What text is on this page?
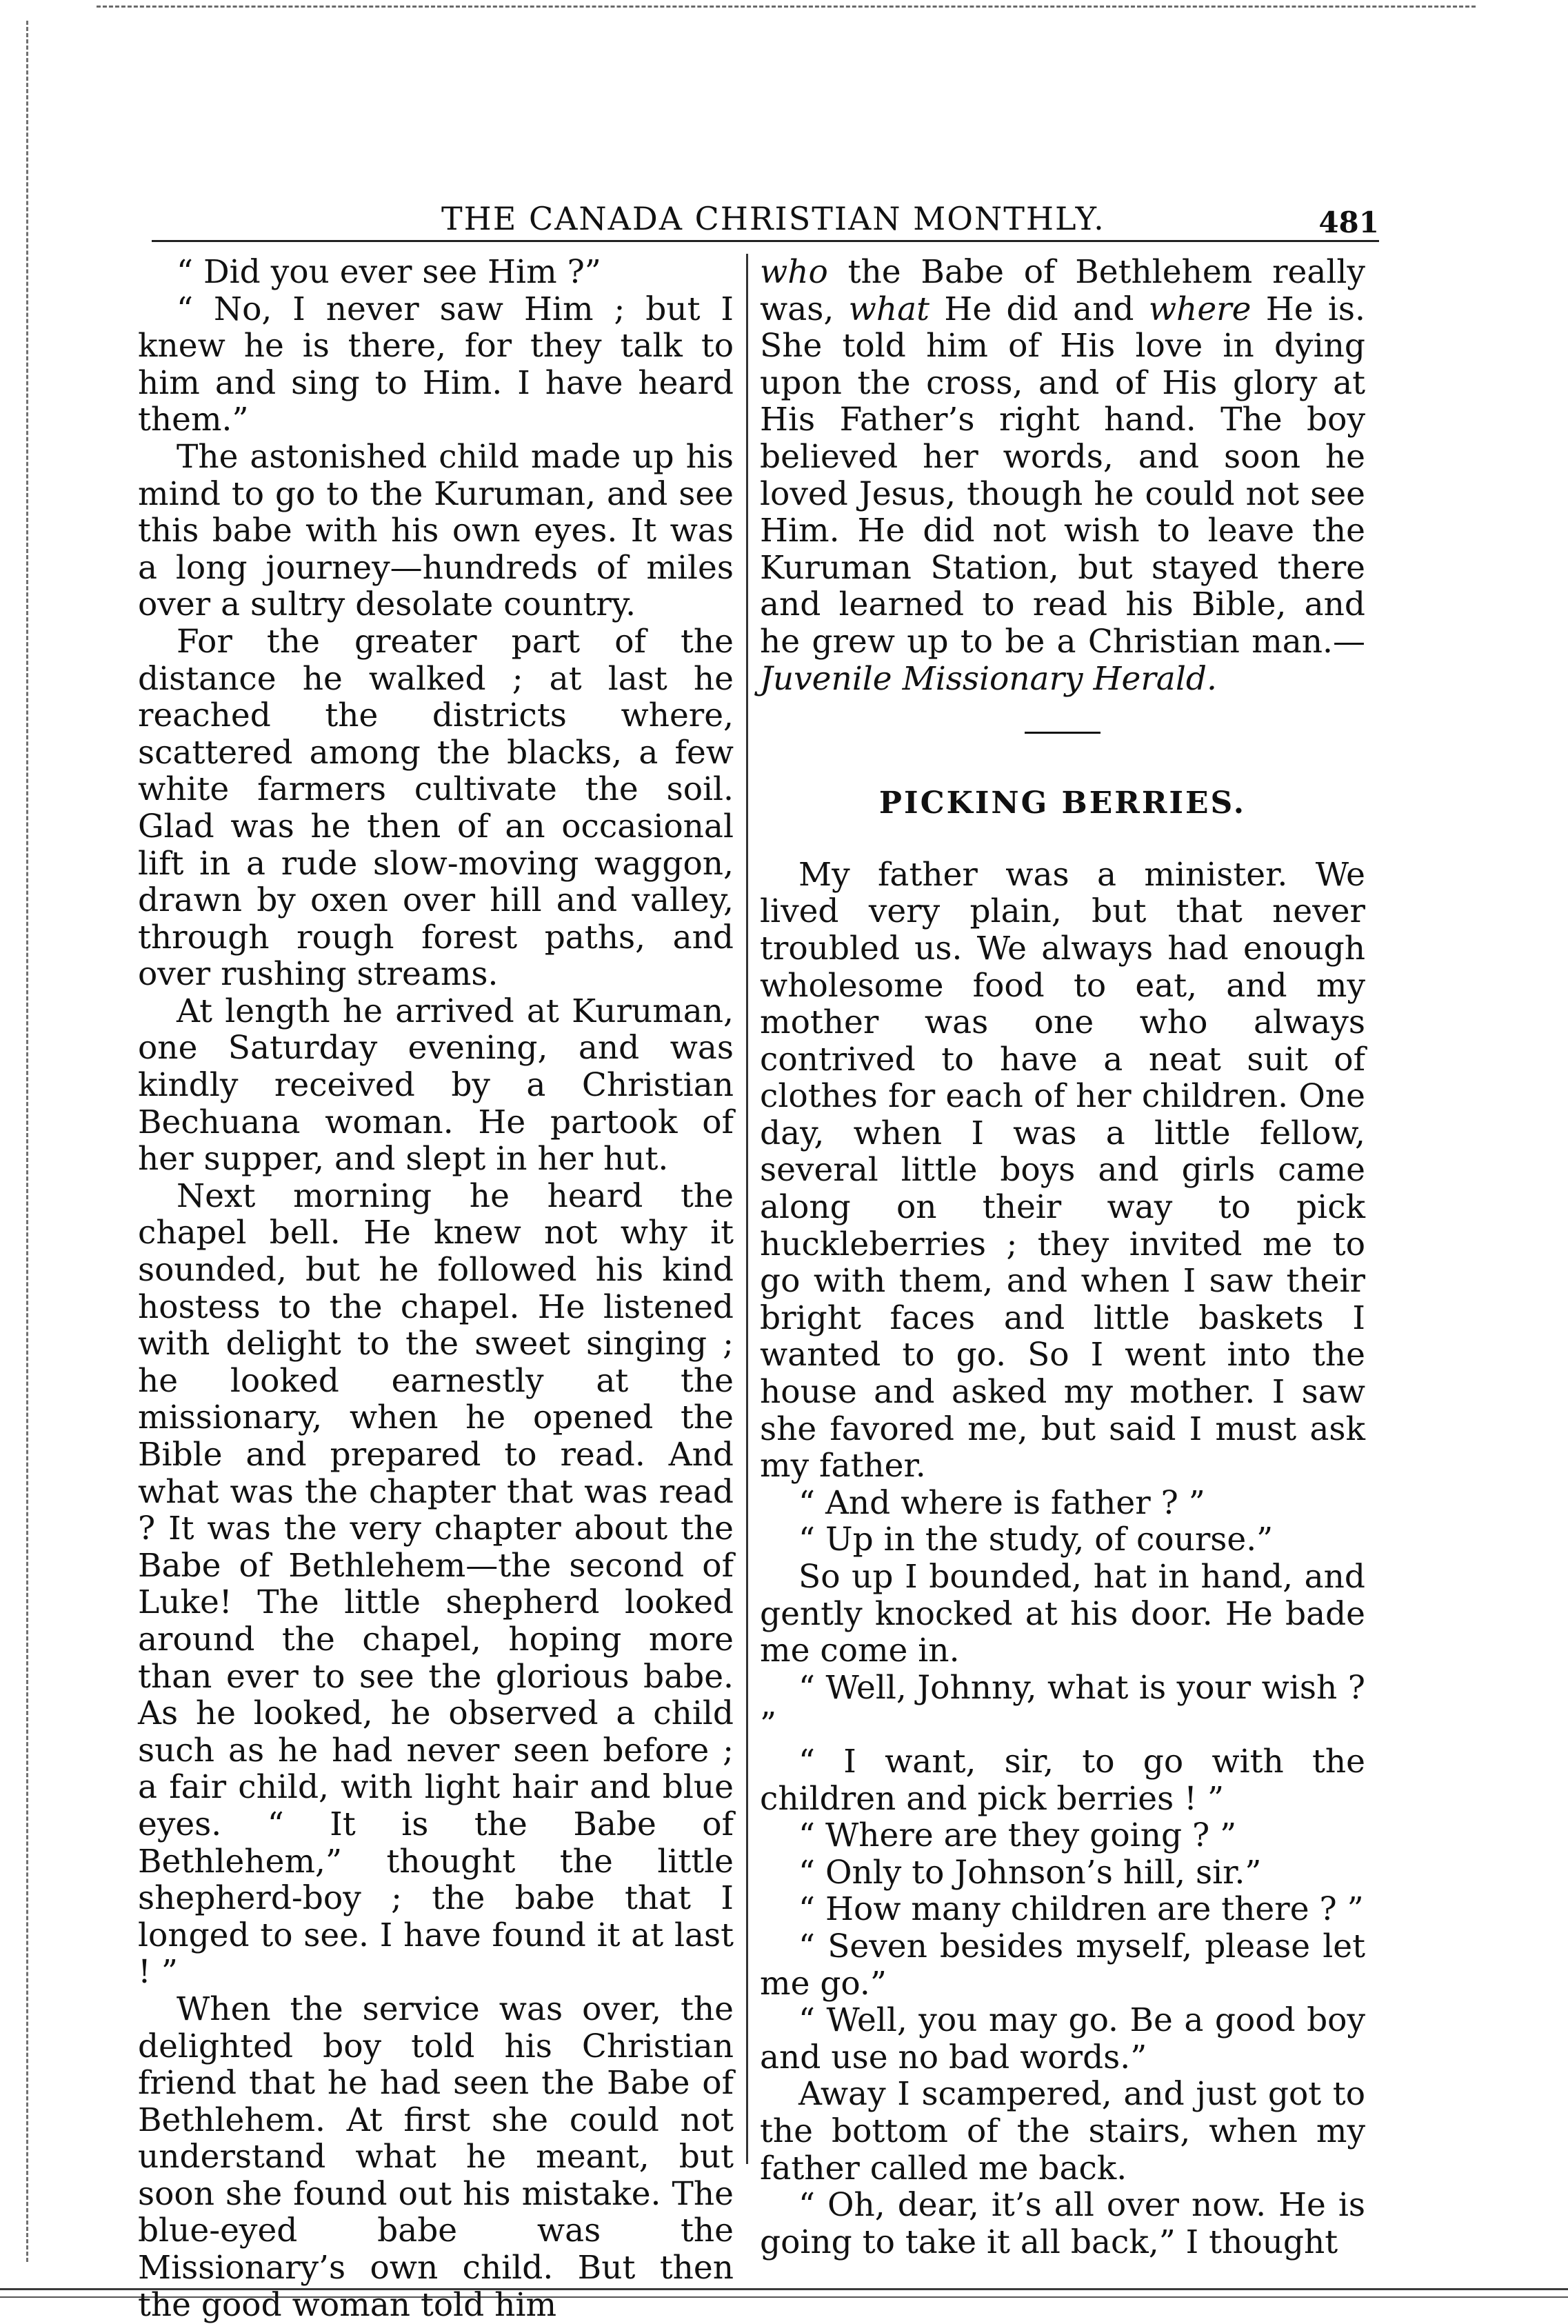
THE CANADA CHRISTIAN MONTHLY.	481

“ Did you ever see Him ?”

“ No, I never saw Him ; but I knew he is there, for they talk to him and sing to Him. I have heard them.”

The astonished child made up his mind to go to the Kuruman, and see this babe with his own eyes. It was a long journey—hundreds of miles over a sultry desolate country.

For the greater part of the distance he walked ; at last he reached the districts where, scattered among the blacks, a few white farmers cultivate the soil. Glad was he then of an occasional lift in a rude slow-moving waggon, drawn by oxen over hill and valley, through rough forest paths, and over rushing streams.

At length he arrived at Kuruman, one Saturday evening, and was kindly received by a Christian Bechuana woman. He partook of her supper, and slept in her hut.

Next morning he heard the chapel bell. He knew not why it sounded, but he followed his kind hostess to the chapel. He listened with delight to the sweet singing ; he looked earnestly at the missionary, when he opened the Bible and prepared to read. And what was the chapter that was read ? It was the very chapter about the Babe of Bethlehem—the second of Luke! The little shepherd looked around the chapel, hoping more than ever to see the glorious babe. As he looked, he observed a child such as he had never seen before ; a fair child, with light hair and blue eyes. “ It is the Babe of Bethlehem,” thought the little shepherd-boy ; the babe that I longed to see. I have found it at last ! ”

When the service was over, the delighted boy told his Christian friend that he had seen the Babe of Bethlehem. At first she could not understand what he meant, but soon she found out his mistake. The blue-eyed babe was the Missionary’s own child. But then the good woman told him

who the Babe of Bethlehem really was, what He did and where He is. She told him of His love in dying upon the cross, and of His glory at His Father’s right hand. The boy believed her words, and soon he loved Jesus, though he could not see Him. He did not wish to leave the Kuruman Station, but stayed there and learned to read his Bible, and he grew up to be a Christian man.—Juvenile Missionary Herald.

PICKING BERRIES.

My father was a minister. We lived very plain, but that never troubled us. We always had enough wholesome food to eat, and my mother was one who always contrived to have a neat suit of clothes for each of her children. One day, when I was a little fellow, several little boys and girls came along on their way to pick huckleberries ; they invited me to go with them, and when I saw their bright faces and little baskets I wanted to go. So I went into the house and asked my mother. I saw she favored me, but said I must ask my father.

“ And where is father ? ”

“ Up in the study, of course.”

So up I bounded, hat in hand, and gently knocked at his door. He bade me come in.

“ Well, Johnny, what is your wish ? ”

“ I want, sir, to go with the children and pick berries ! ”

“ Where are they going ? ”

“ Only to Johnson’s hill, sir.”

“ How many children are there ? ”

“ Seven besides myself, please let me go.”

“ Well, you may go. Be a good boy and use no bad words.”

Away I scampered, and just got to the bottom of the stairs, when my father called me back.

“ Oh, dear, it’s all over now. He is going to take it all back,” I thought
